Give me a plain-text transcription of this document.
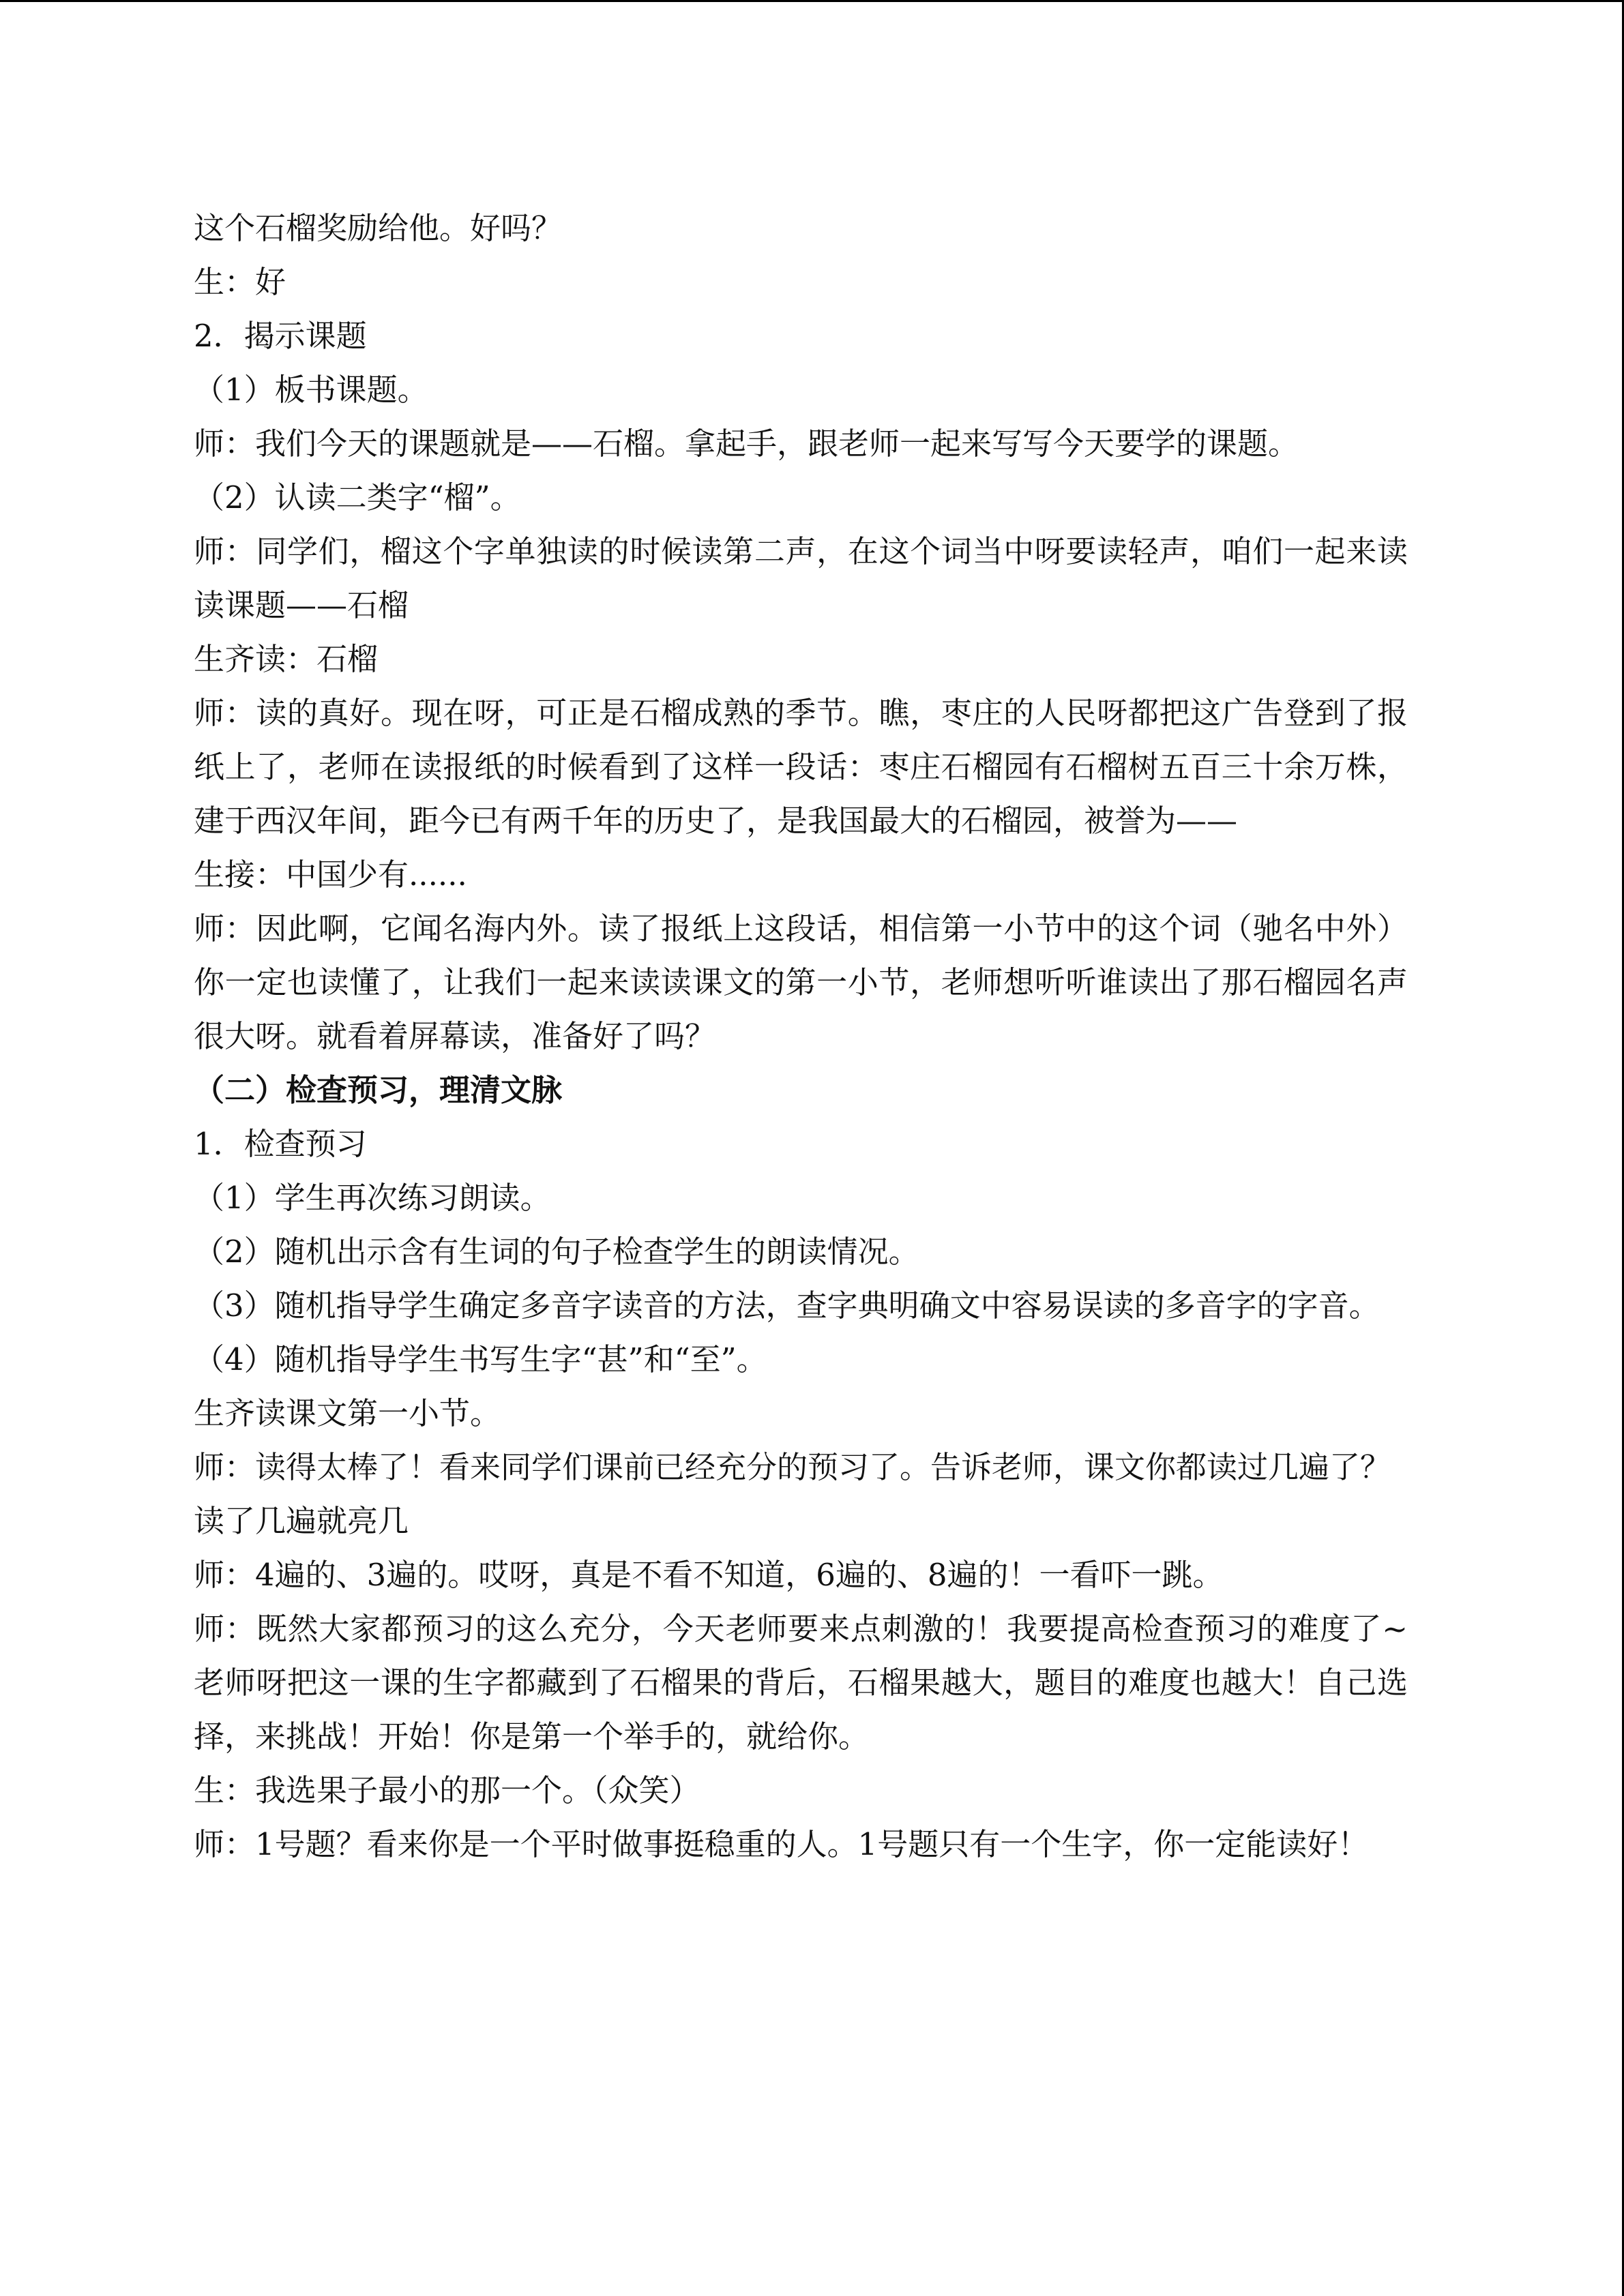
这个石榴奖励给他。好吗？

生：好

2．揭示课题

（1）板书课题。

师：我们今天的课题就是——石榴。拿起手，跟老师一起来写写今天要学的课题。

（2）认读二类字“榴”。

师：同学们，榴这个字单独读的时候读第二声，在这个词当中呀要读轻声，咱们一起来读读课题——石榴

生齐读：石榴

师：读的真好。现在呀，可正是石榴成熟的季节。瞧，枣庄的人民呀都把这广告登到了报纸上了，老师在读报纸的时候看到了这样一段话：枣庄石榴园有石榴树五百三十余万株，建于西汉年间，距今已有两千年的历史了，是我国最大的石榴园，被誉为——

生接：中国少有......

师：因此啊，它闻名海内外。读了报纸上这段话，相信第一小节中的这个词（驰名中外）你一定也读懂了，让我们一起来读读课文的第一小节，老师想听听谁读出了那石榴园名声很大呀。就看着屏幕读，准备好了吗？

（二）检查预习，理清文脉

1．检查预习

（1）学生再次练习朗读。

（2）随机出示含有生词的句子检查学生的朗读情况。

（3）随机指导学生确定多音字读音的方法，查字典明确文中容易误读的多音字的字音。

（4）随机指导学生书写生字“甚”和“至”。

生齐读课文第一小节。

师：读得太棒了！看来同学们课前已经充分的预习了。告诉老师，课文你都读过几遍了？

读了几遍就亮几

师：4遍的、3遍的。哎呀，真是不看不知道，6遍的、8遍的！一看吓一跳。

师：既然大家都预习的这么充分，今天老师要来点刺激的！我要提高检查预习的难度了~老师呀把这一课的生字都藏到了石榴果的背后，石榴果越大，题目的难度也越大！自己选择，来挑战！开始！你是第一个举手的，就给你。

生：我选果子最小的那一个。（众笑）

师：1号题？看来你是一个平时做事挺稳重的人。1号题只有一个生字，你一定能读好！
